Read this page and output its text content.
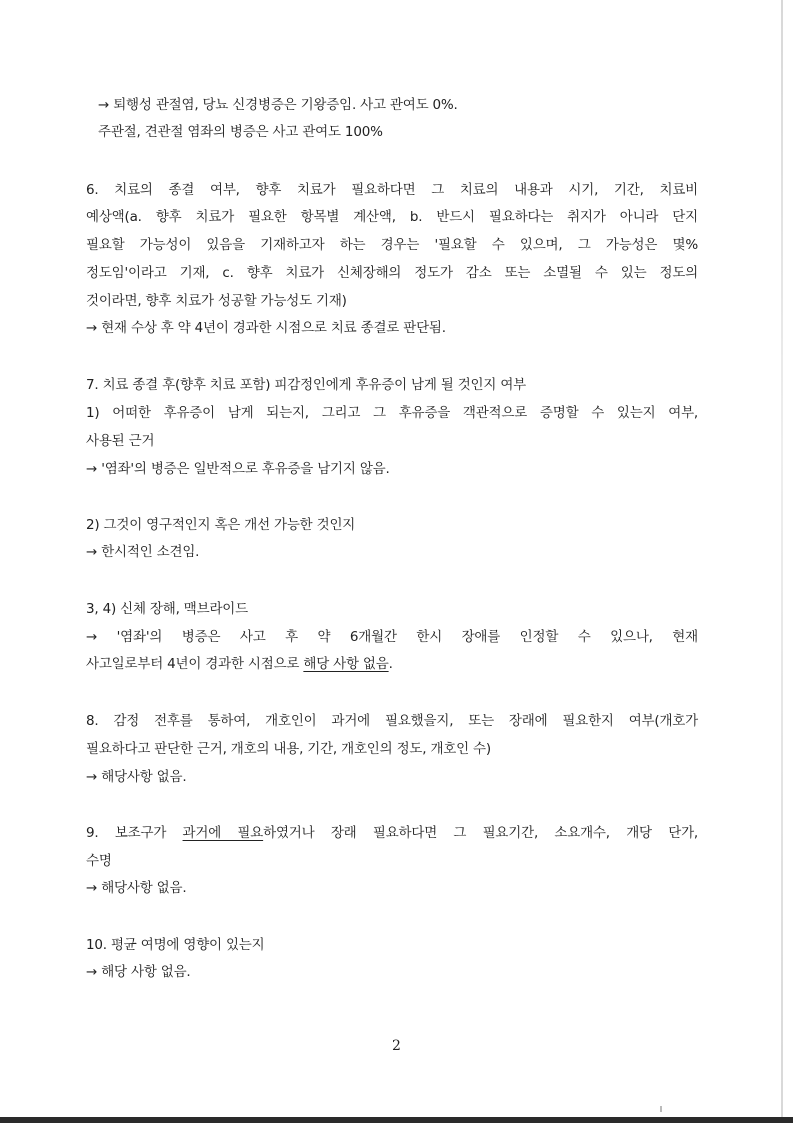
→ 퇴행성 관절염, 당뇨 신경병증은 기왕증임. 사고 관여도 0%.

주관절, 견관절 염좌의 병증은 사고 관여도 100%

6. 치료의 종결 여부, 향후 치료가 필요하다면 그 치료의 내용과 시기, 기간, 치료비

예상액(a. 향후 치료가 필요한 항목별 계산액, b. 반드시 필요하다는 취지가 아니라 단지

필요할 가능성이 있음을 기재하고자 하는 경우는 '필요할 수 있으며, 그 가능성은 몇%

정도임'이라고 기재, c. 향후 치료가 신체장해의 정도가 감소 또는 소멸될 수 있는 정도의

것이라면, 향후 치료가 성공할 가능성도 기재)

→ 현재 수상 후 약 4년이 경과한 시점으로 치료 종결로 판단됨.

7. 치료 종결 후(향후 치료 포함) 피감정인에게 후유증이 남게 될 것인지 여부

1) 어떠한 후유증이 남게 되는지, 그리고 그 후유증을 객관적으로 증명할 수 있는지 여부,

사용된 근거

→ '염좌'의 병증은 일반적으로 후유증을 남기지 않음.

2) 그것이 영구적인지 혹은 개선 가능한 것인지

→ 한시적인 소견임.

3, 4) 신체 장해, 맥브라이드

→ '염좌'의 병증은 사고 후 약 6개월간 한시 장애를 인정할 수 있으나, 현재

사고일로부터 4년이 경과한 시점으로 해당 사항 없음.

8. 감정 전후를 통하여, 개호인이 과거에 필요했을지, 또는 장래에 필요한지 여부(개호가

필요하다고 판단한 근거, 개호의 내용, 기간, 개호인의 정도, 개호인 수)

→ 해당사항 없음.

9. 보조구가 과거에 필요하였거나 장래 필요하다면 그 필요기간, 소요개수, 개당 단가,

수명

→ 해당사항 없음.

10. 평균 여명에 영향이 있는지

→ 해당 사항 없음.

2
